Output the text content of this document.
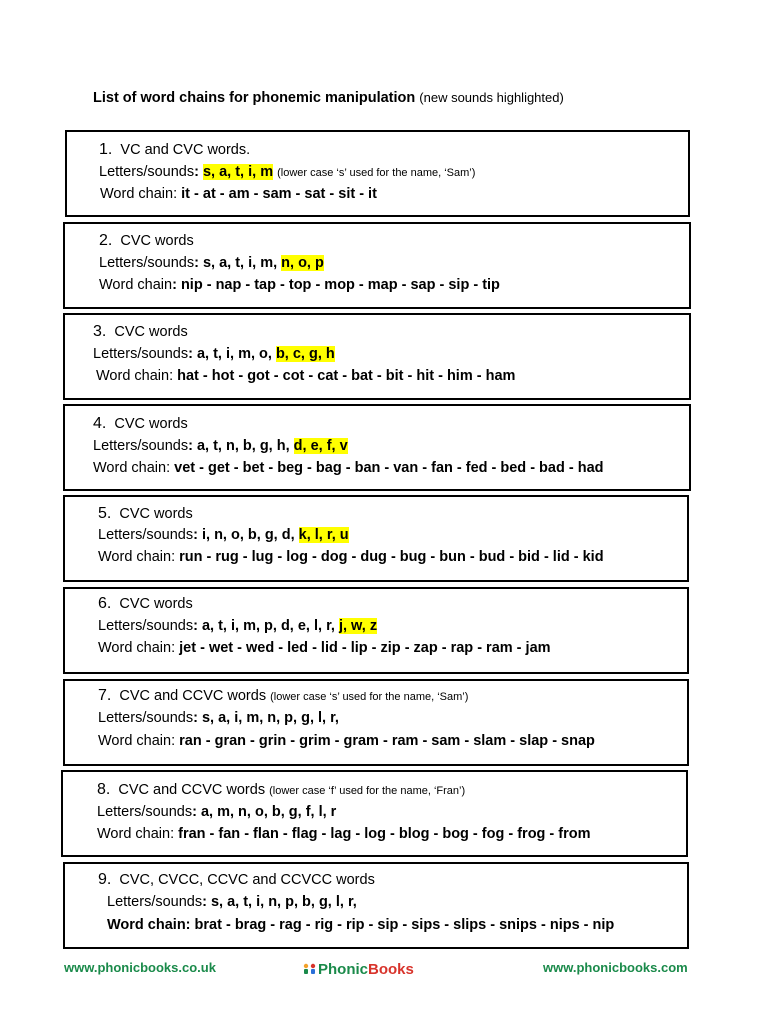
List of word chains for phonemic manipulation (new sounds highlighted)
1. VC and CVC words.
Letters/sounds: s, a, t, i, m (lower case ‘s’ used for the name, ‘Sam’)
Word chain: it - at - am - sam - sat - sit - it
2. CVC words
Letters/sounds: s, a, t, i, m, n, o, p
Word chain: nip - nap - tap - top - mop - map - sap - sip - tip
3. CVC words
Letters/sounds: a, t, i, m, o, b, c, g, h
Word chain: hat - hot - got - cot - cat - bat - bit - hit - him - ham
4. CVC words
Letters/sounds: a, t, n, b, g, h, d, e, f, v
Word chain: vet - get - bet - beg - bag - ban - van - fan - fed - bed - bad - had
5. CVC words
Letters/sounds: i, n, o, b, g, d, k, l, r, u
Word chain: run - rug - lug - log - dog - dug - bug - bun - bud - bid - lid - kid
6. CVC words
Letters/sounds: a, t, i, m, p, d, e, l, r, j, w, z
Word chain: jet - wet - wed - led - lid - lip - zip - zap - rap - ram - jam
7. CVC and CCVC words (lower case ‘s’ used for the name, ‘Sam’)
Letters/sounds: s, a, i, m, n, p, g, l, r,
Word chain: ran - gran - grin - grim - gram - ram - sam - slam - slap - snap
8. CVC and CCVC words (lower case ‘f’ used for the name, ‘Fran’)
Letters/sounds: a, m, n, o, b, g, f, l, r
Word chain: fran - fan - flan - flag - lag - log - blog - bog - fog - frog - from
9. CVC, CVCC, CCVC and CCVCC words
Letters/sounds: s, a, t, i, n, p, b, g, l, r,
Word chain: brat - brag - rag - rig - rip - sip - sips - slips - snips - nips - nip
www.phonicbooks.co.uk	PhonicBooks	www.phonicbooks.com
